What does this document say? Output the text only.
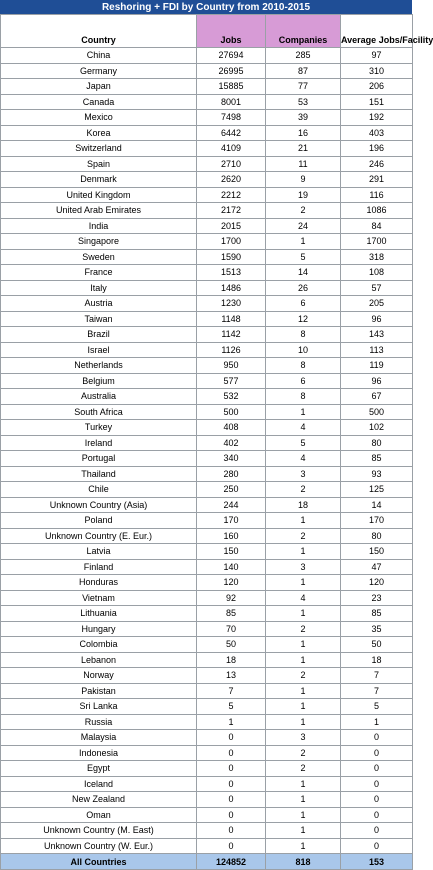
Reshoring + FDI by Country from 2010-2015
Country	Jobs	Companies	Average Jobs/Facility
China	27694	285	97
Germany	26995	87	310
Japan	15885	77	206
Canada	8001	53	151
Mexico	7498	39	192
Korea	6442	16	403
Switzerland	4109	21	196
Spain	2710	11	246
Denmark	2620	9	291
United Kingdom	2212	19	116
United Arab Emirates	2172	2	1086
India	2015	24	84
Singapore	1700	1	1700
Sweden	1590	5	318
France	1513	14	108
Italy	1486	26	57
Austria	1230	6	205
Taiwan	1148	12	96
Brazil	1142	8	143
Israel	1126	10	113
Netherlands	950	8	119
Belgium	577	6	96
Australia	532	8	67
South Africa	500	1	500
Turkey	408	4	102
Ireland	402	5	80
Portugal	340	4	85
Thailand	280	3	93
Chile	250	2	125
Unknown Country (Asia)	244	18	14
Poland	170	1	170
Unknown Country (E. Eur.)	160	2	80
Latvia	150	1	150
Finland	140	3	47
Honduras	120	1	120
Vietnam	92	4	23
Lithuania	85	1	85
Hungary	70	2	35
Colombia	50	1	50
Lebanon	18	1	18
Norway	13	2	7
Pakistan	7	1	7
Sri Lanka	5	1	5
Russia	1	1	1
Malaysia	0	3	0
Indonesia	0	2	0
Egypt	0	2	0
Iceland	0	1	0
New Zealand	0	1	0
Oman	0	1	0
Unknown Country (M. East)	0	1	0
Unknown Country (W. Eur.)	0	1	0
All Countries	124852	818	153
